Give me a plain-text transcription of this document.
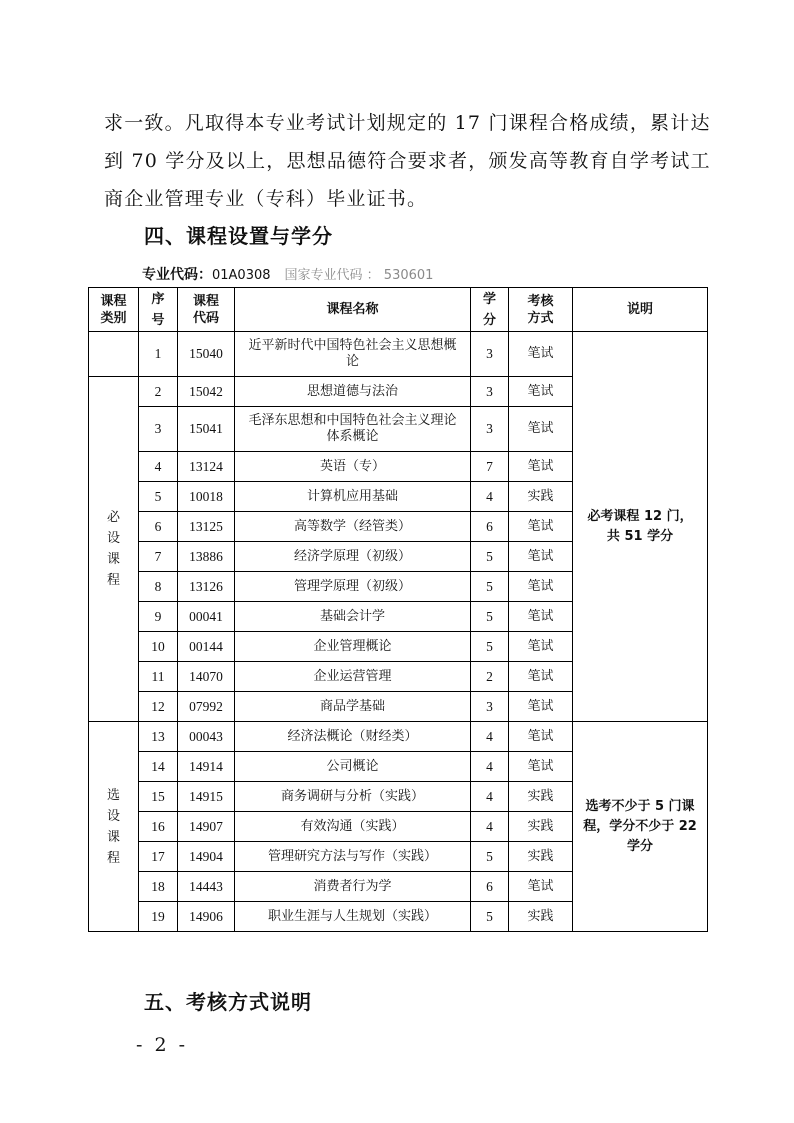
求一致。凡取得本专业考试计划规定的 17 门课程合格成绩，累计达
到 70 学分及以上，思想品德符合要求者，颁发高等教育自学考试工
商企业管理专业（专科）毕业证书。
四、课程设置与学分
专业代码：01A0308 国家专业代码 ： 530601
课程类别	序号	课程代码	课程名称	学分	考核方式	说明
	1	15040	近平新时代中国特色社会主义思想概论	3	笔试	必考课程 12 门，共 51 学分
必设课程	2	15042	思想道德与法治	3	笔试	
	3	15041	毛泽东思想和中国特色社会主义理论体系概论	3	笔试	
	4	13124	英语（专）	7	笔试	
	5	10018	计算机应用基础	4	实践	
	6	13125	高等数学（经管类）	6	笔试	
	7	13886	经济学原理（初级）	5	笔试	
	8	13126	管理学原理（初级）	5	笔试	
	9	00041	基础会计学	5	笔试	
	10	00144	企业管理概论	5	笔试	
	11	14070	企业运营管理	2	笔试	
	12	07992	商品学基础	3	笔试	
选设课程	13	00043	经济法概论（财经类）	4	笔试	选考不少于 5 门课程，学分不少于 22 学分
	14	14914	公司概论	4	笔试	
	15	14915	商务调研与分析（实践）	4	实践	
	16	14907	有效沟通（实践）	4	实践	
	17	14904	管理研究方法与写作（实践）	5	实践	
	18	14443	消费者行为学	6	笔试	
	19	14906	职业生涯与人生规划（实践）	5	实践	
五、考核方式说明
- 2 -
